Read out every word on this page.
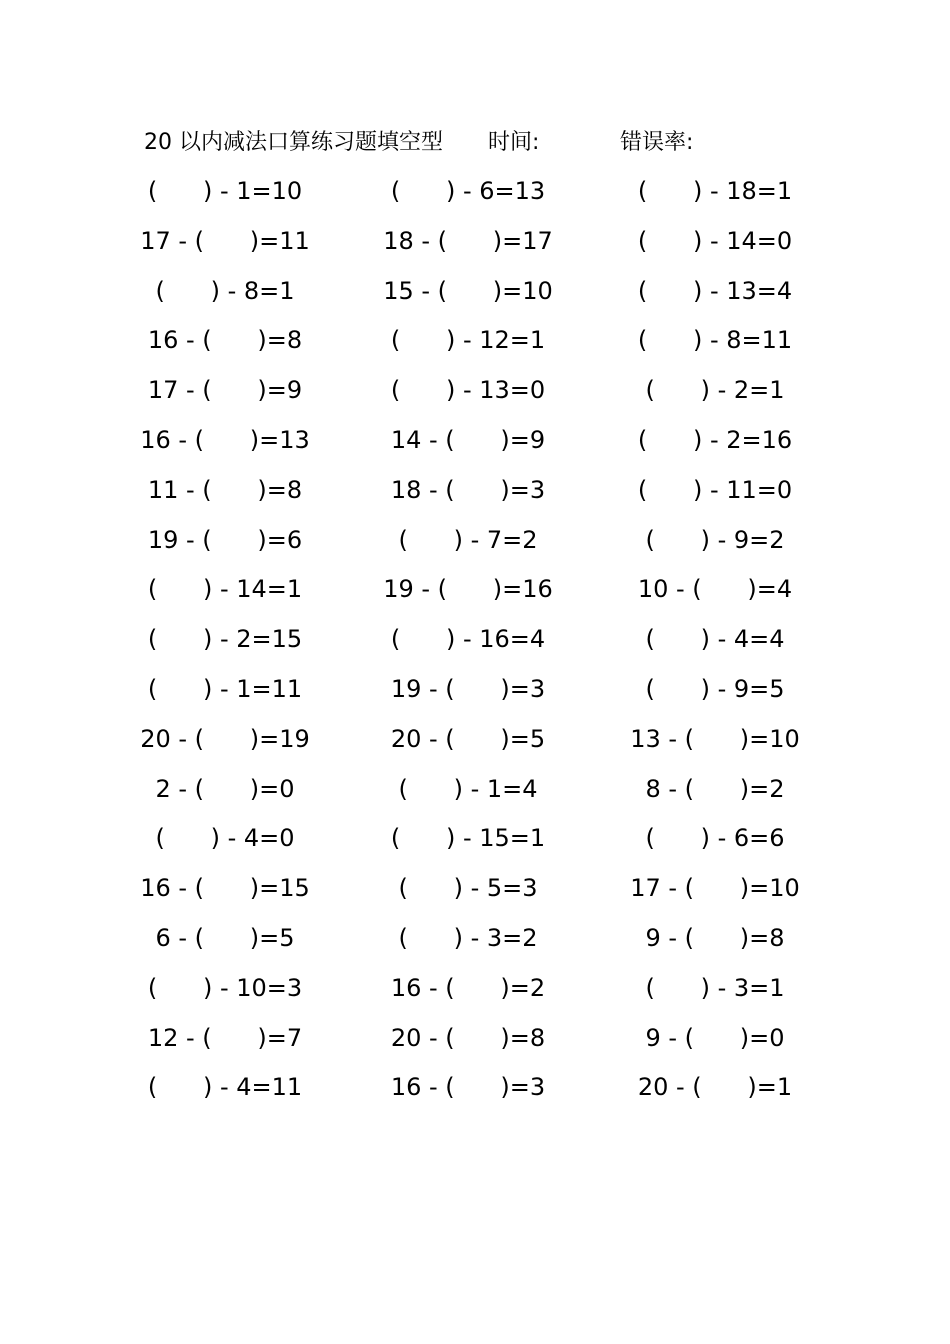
20 以内减法口算练习题填空型 时间:	错误率:
(      ) - 1=10	(      ) - 6=13	(      ) - 18=1
17 - (      )=11	18 - (      )=17	(      ) - 14=0
(      ) - 8=1	15 - (      )=10	(      ) - 13=4
16 - (      )=8	(      ) - 12=1	(      ) - 8=11
17 - (      )=9	(      ) - 13=0	(      ) - 2=1
16 - (      )=13	14 - (      )=9	(      ) - 2=16
11 - (      )=8	18 - (      )=3	(      ) - 11=0
19 - (      )=6	(      ) - 7=2	(      ) - 9=2
(      ) - 14=1	19 - (      )=16	10 - (      )=4
(      ) - 2=15	(      ) - 16=4	(      ) - 4=4
(      ) - 1=11	19 - (      )=3	(      ) - 9=5
20 - (      )=19	20 - (      )=5	13 - (      )=10
2 - (      )=0	(      ) - 1=4	8 - (      )=2
(      ) - 4=0	(      ) - 15=1	(      ) - 6=6
16 - (      )=15	(      ) - 5=3	17 - (      )=10
6 - (      )=5	(      ) - 3=2	9 - (      )=8
(      ) - 10=3	16 - (      )=2	(      ) - 3=1
12 - (      )=7	20 - (      )=8	9 - (      )=0
(      ) - 4=11	16 - (      )=3	20 - (      )=1
